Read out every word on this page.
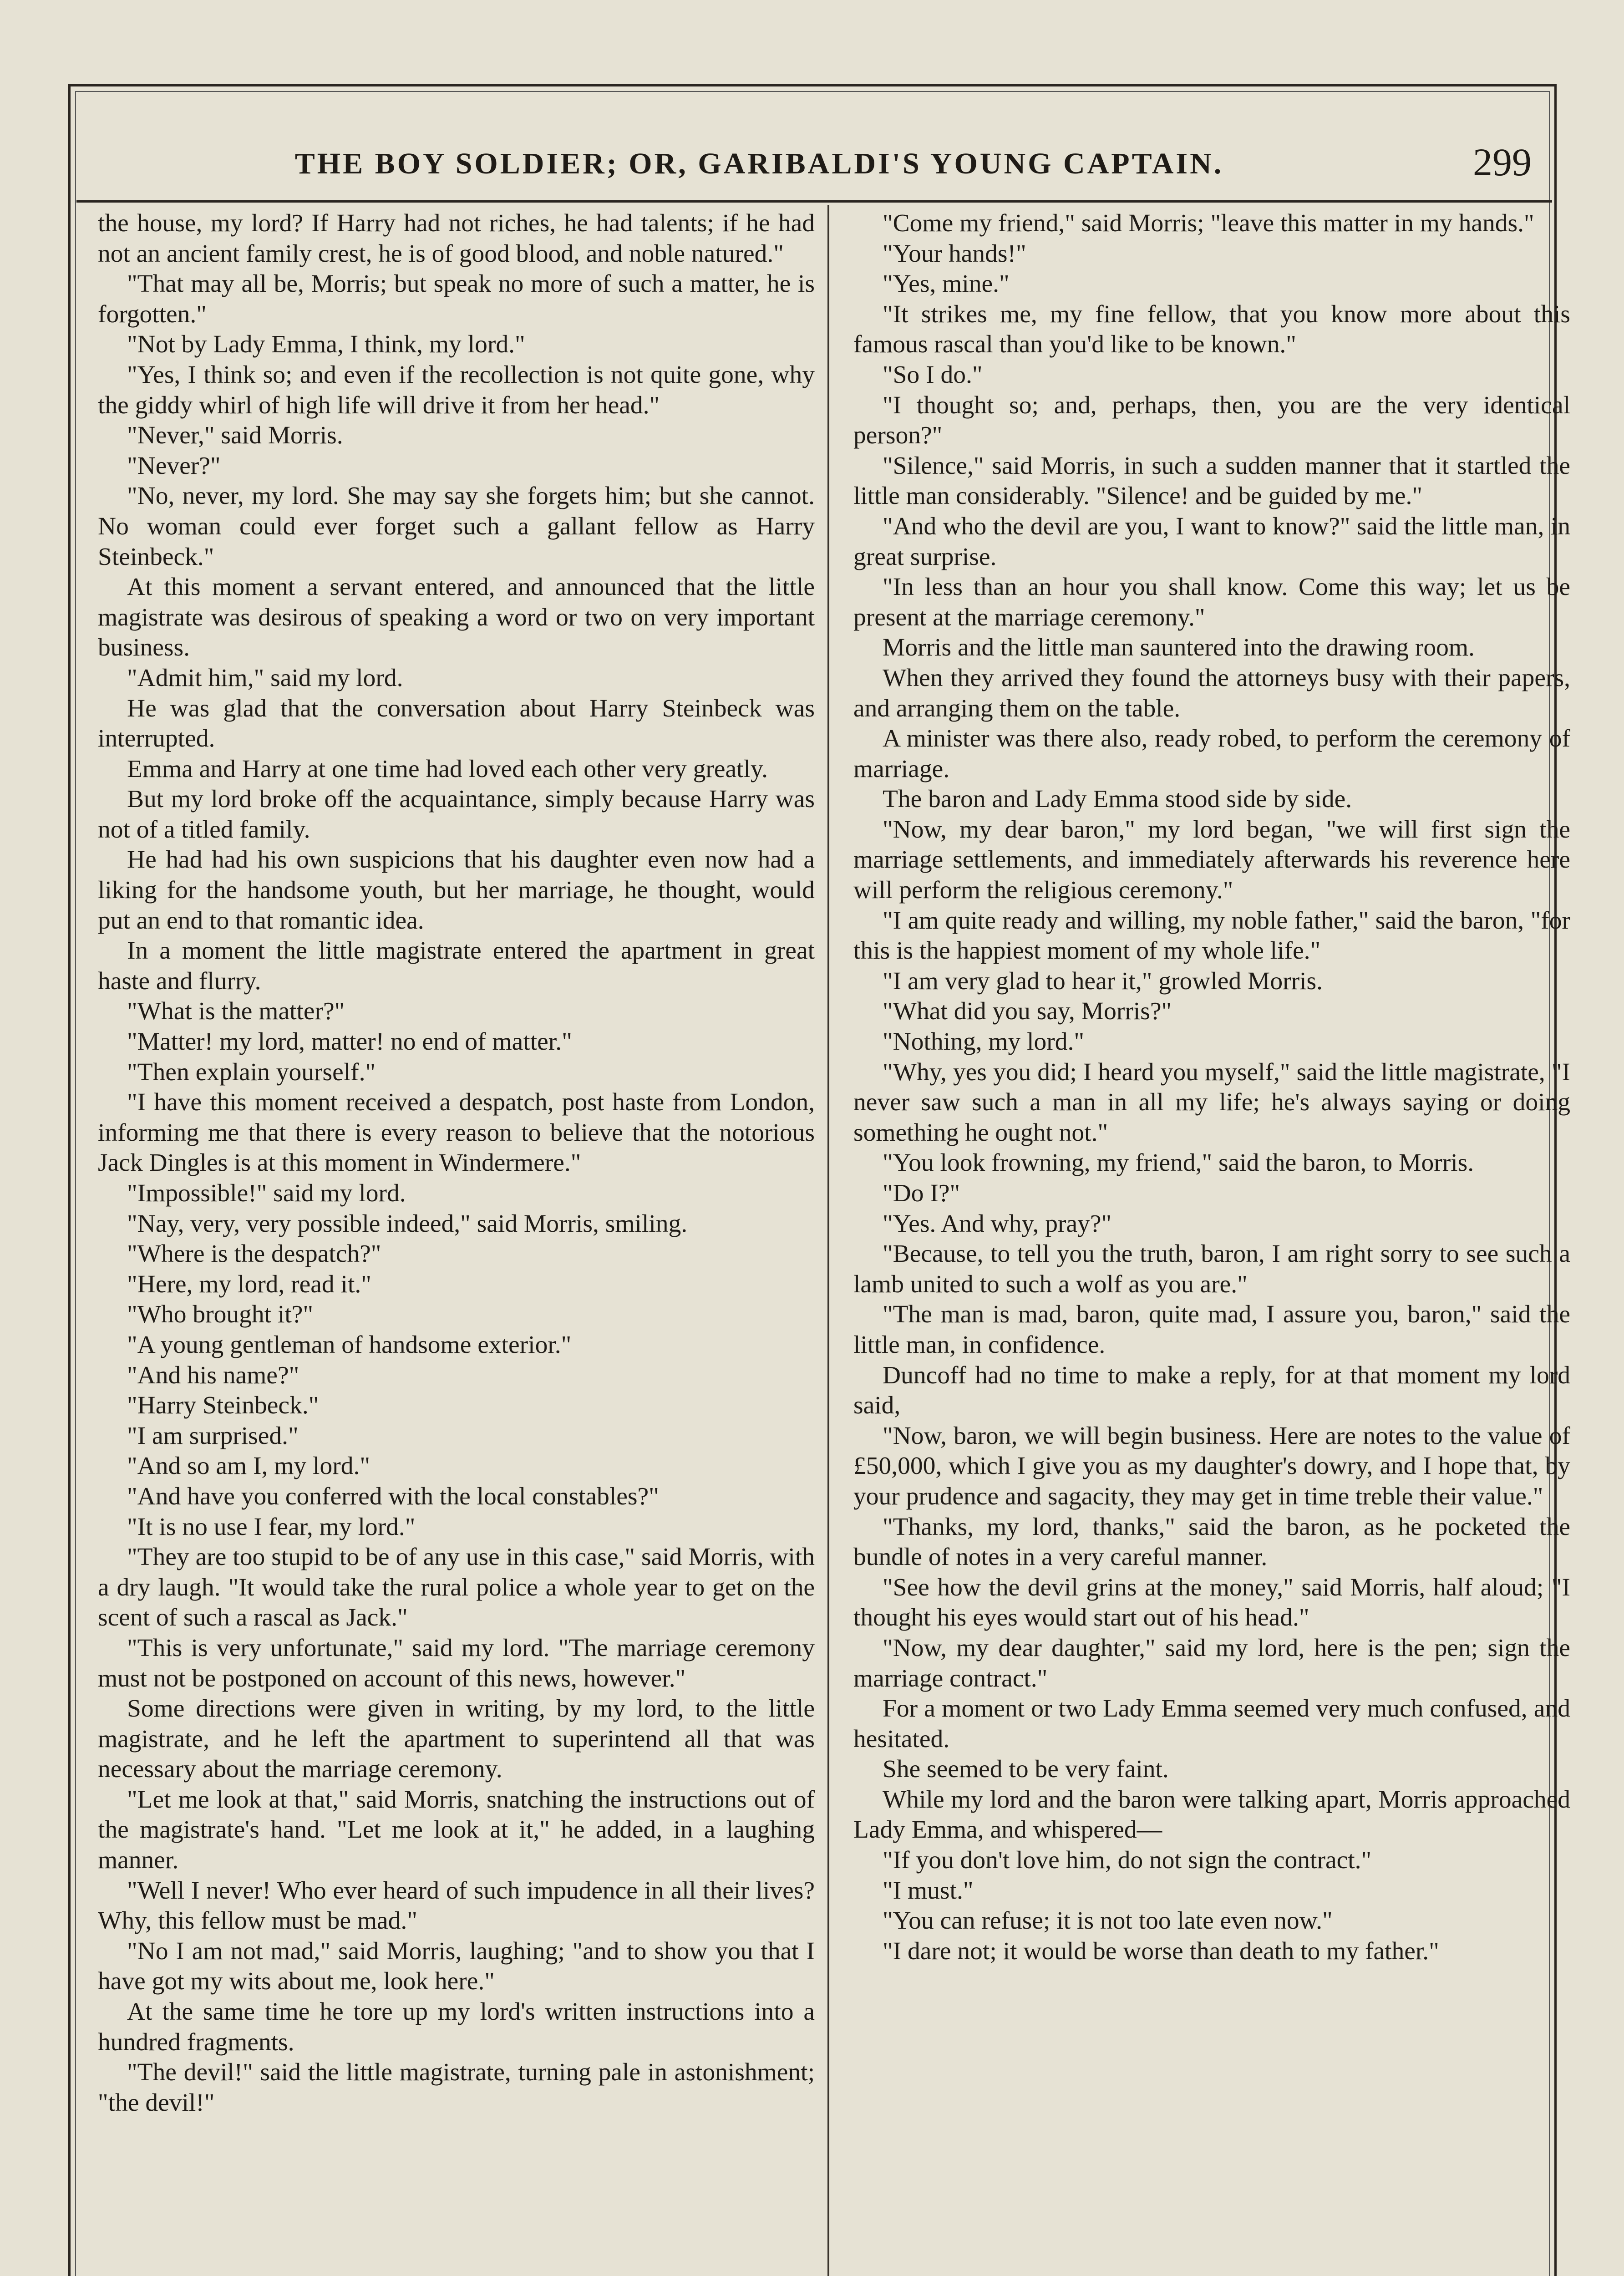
THE BOY SOLDIER; OR, GARIBALDI'S YOUNG CAPTAIN.	299

the house, my lord? If Harry had not riches, he had talents; if he had not an ancient family crest, he is of good blood, and noble natured."

"That may all be, Morris; but speak no more of such a matter, he is forgotten."

"Not by Lady Emma, I think, my lord."

"Yes, I think so; and even if the recollection is not quite gone, why the giddy whirl of high life will drive it from her head."

"Never," said Morris.

"Never?"

"No, never, my lord. She may say she forgets him; but she cannot. No woman could ever forget such a gallant fellow as Harry Steinbeck."

At this moment a servant entered, and announced that the little magistrate was desirous of speaking a word or two on very important business.

"Admit him," said my lord.

He was glad that the conversation about Harry Steinbeck was interrupted.

Emma and Harry at one time had loved each other very greatly.

But my lord broke off the acquaintance, simply because Harry was not of a titled family.

He had had his own suspicions that his daughter even now had a liking for the handsome youth, but her marriage, he thought, would put an end to that romantic idea.

In a moment the little magistrate entered the apartment in great haste and flurry.

"What is the matter?"

"Matter! my lord, matter! no end of matter."

"Then explain yourself."

"I have this moment received a despatch, post haste from London, informing me that there is every reason to believe that the notorious Jack Dingles is at this moment in Windermere."

"Impossible!" said my lord.

"Nay, very, very possible indeed," said Morris, smiling.

"Where is the despatch?"

"Here, my lord, read it."

"Who brought it?"

"A young gentleman of handsome exterior."

"And his name?"

"Harry Steinbeck."

"I am surprised."

"And so am I, my lord."

"And have you conferred with the local constables?"

"It is no use I fear, my lord."

"They are too stupid to be of any use in this case," said Morris, with a dry laugh. "It would take the rural police a whole year to get on the scent of such a rascal as Jack."

"This is very unfortunate," said my lord. "The marriage ceremony must not be postponed on account of this news, however."

Some directions were given in writing, by my lord, to the little magistrate, and he left the apartment to superintend all that was necessary about the marriage ceremony.

"Let me look at that," said Morris, snatching the instructions out of the magistrate's hand. "Let me look at it," he added, in a laughing manner.

"Well I never! Who ever heard of such impudence in all their lives? Why, this fellow must be mad."

"No I am not mad," said Morris, laughing; "and to show you that I have got my wits about me, look here."

At the same time he tore up my lord's written instructions into a hundred fragments.

"The devil!" said the little magistrate, turning pale in astonishment; "the devil!"

"Come my friend," said Morris; "leave this matter in my hands."

"Your hands!"

"Yes, mine."

"It strikes me, my fine fellow, that you know more about this famous rascal than you'd like to be known."

"So I do."

"I thought so; and, perhaps, then, you are the very identical person?"

"Silence," said Morris, in such a sudden manner that it startled the little man considerably. "Silence! and be guided by me."

"And who the devil are you, I want to know?" said the little man, in great surprise.

"In less than an hour you shall know. Come this way; let us be present at the marriage ceremony."

Morris and the little man sauntered into the drawing room.

When they arrived they found the attorneys busy with their papers, and arranging them on the table.

A minister was there also, ready robed, to perform the ceremony of marriage.

The baron and Lady Emma stood side by side.

"Now, my dear baron," my lord began, "we will first sign the marriage settlements, and immediately afterwards his reverence here will perform the religious ceremony."

"I am quite ready and willing, my noble father," said the baron, "for this is the happiest moment of my whole life."

"I am very glad to hear it," growled Morris.

"What did you say, Morris?"

"Nothing, my lord."

"Why, yes you did; I heard you myself," said the little magistrate, "I never saw such a man in all my life; he's always saying or doing something he ought not."

"You look frowning, my friend," said the baron, to Morris.

"Do I?"

"Yes. And why, pray?"

"Because, to tell you the truth, baron, I am right sorry to see such a lamb united to such a wolf as you are."

"The man is mad, baron, quite mad, I assure you, baron," said the little man, in confidence.

Duncoff had no time to make a reply, for at that moment my lord said,

"Now, baron, we will begin business. Here are notes to the value of £50,000, which I give you as my daughter's dowry, and I hope that, by your prudence and sagacity, they may get in time treble their value."

"Thanks, my lord, thanks," said the baron, as he pocketed the bundle of notes in a very careful manner.

"See how the devil grins at the money," said Morris, half aloud; "I thought his eyes would start out of his head."

"Now, my dear daughter," said my lord, here is the pen; sign the marriage contract."

For a moment or two Lady Emma seemed very much confused, and hesitated.

She seemed to be very faint.

While my lord and the baron were talking apart, Morris approached Lady Emma, and whispered—

"If you don't love him, do not sign the contract."

"I must."

"You can refuse; it is not too late even now."

"I dare not; it would be worse than death to my father."
